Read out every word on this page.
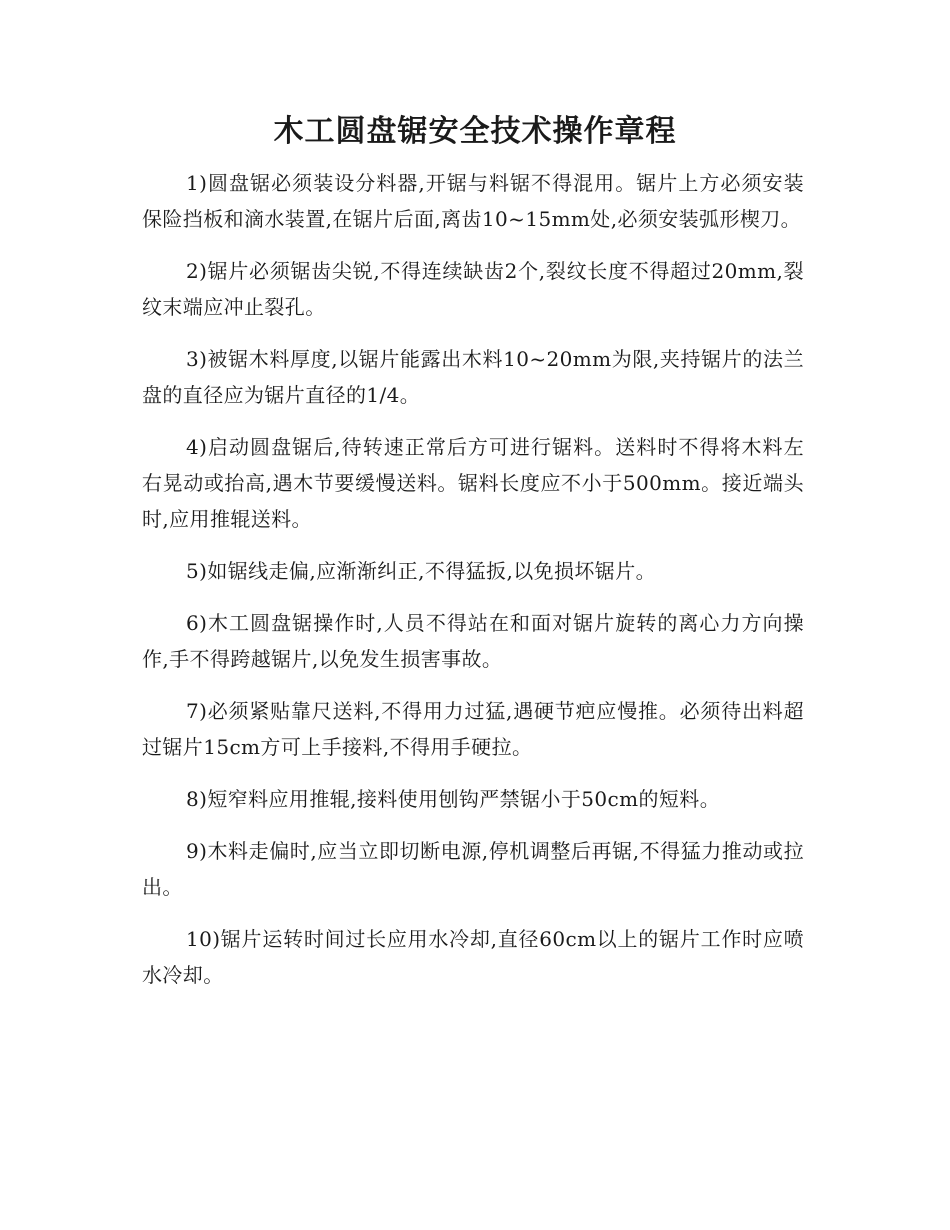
木工圆盘锯安全技术操作章程

1)圆盘锯必须装设分料器,开锯与料锯不得混用。锯片上方必须安装保险挡板和滴水装置,在锯片后面,离齿10~15mm处,必须安装弧形楔刀。

2)锯片必须锯齿尖锐,不得连续缺齿2个,裂纹长度不得超过20mm,裂纹末端应冲止裂孔。

3)被锯木料厚度,以锯片能露出木料10~20mm为限,夹持锯片的法兰盘的直径应为锯片直径的1/4。

4)启动圆盘锯后,待转速正常后方可进行锯料。送料时不得将木料左右晃动或抬高,遇木节要缓慢送料。锯料长度应不小于500mm。接近端头时,应用推辊送料。

5)如锯线走偏,应渐渐纠正,不得猛扳,以免损坏锯片。

6)木工圆盘锯操作时,人员不得站在和面对锯片旋转的离心力方向操作,手不得跨越锯片,以免发生损害事故。

7)必须紧贴靠尺送料,不得用力过猛,遇硬节疤应慢推。必须待出料超过锯片15cm方可上手接料,不得用手硬拉。

8)短窄料应用推辊,接料使用刨钩严禁锯小于50cm的短料。

9)木料走偏时,应当立即切断电源,停机调整后再锯,不得猛力推动或拉出。

10)锯片运转时间过长应用水冷却,直径60cm以上的锯片工作时应喷水冷却。
